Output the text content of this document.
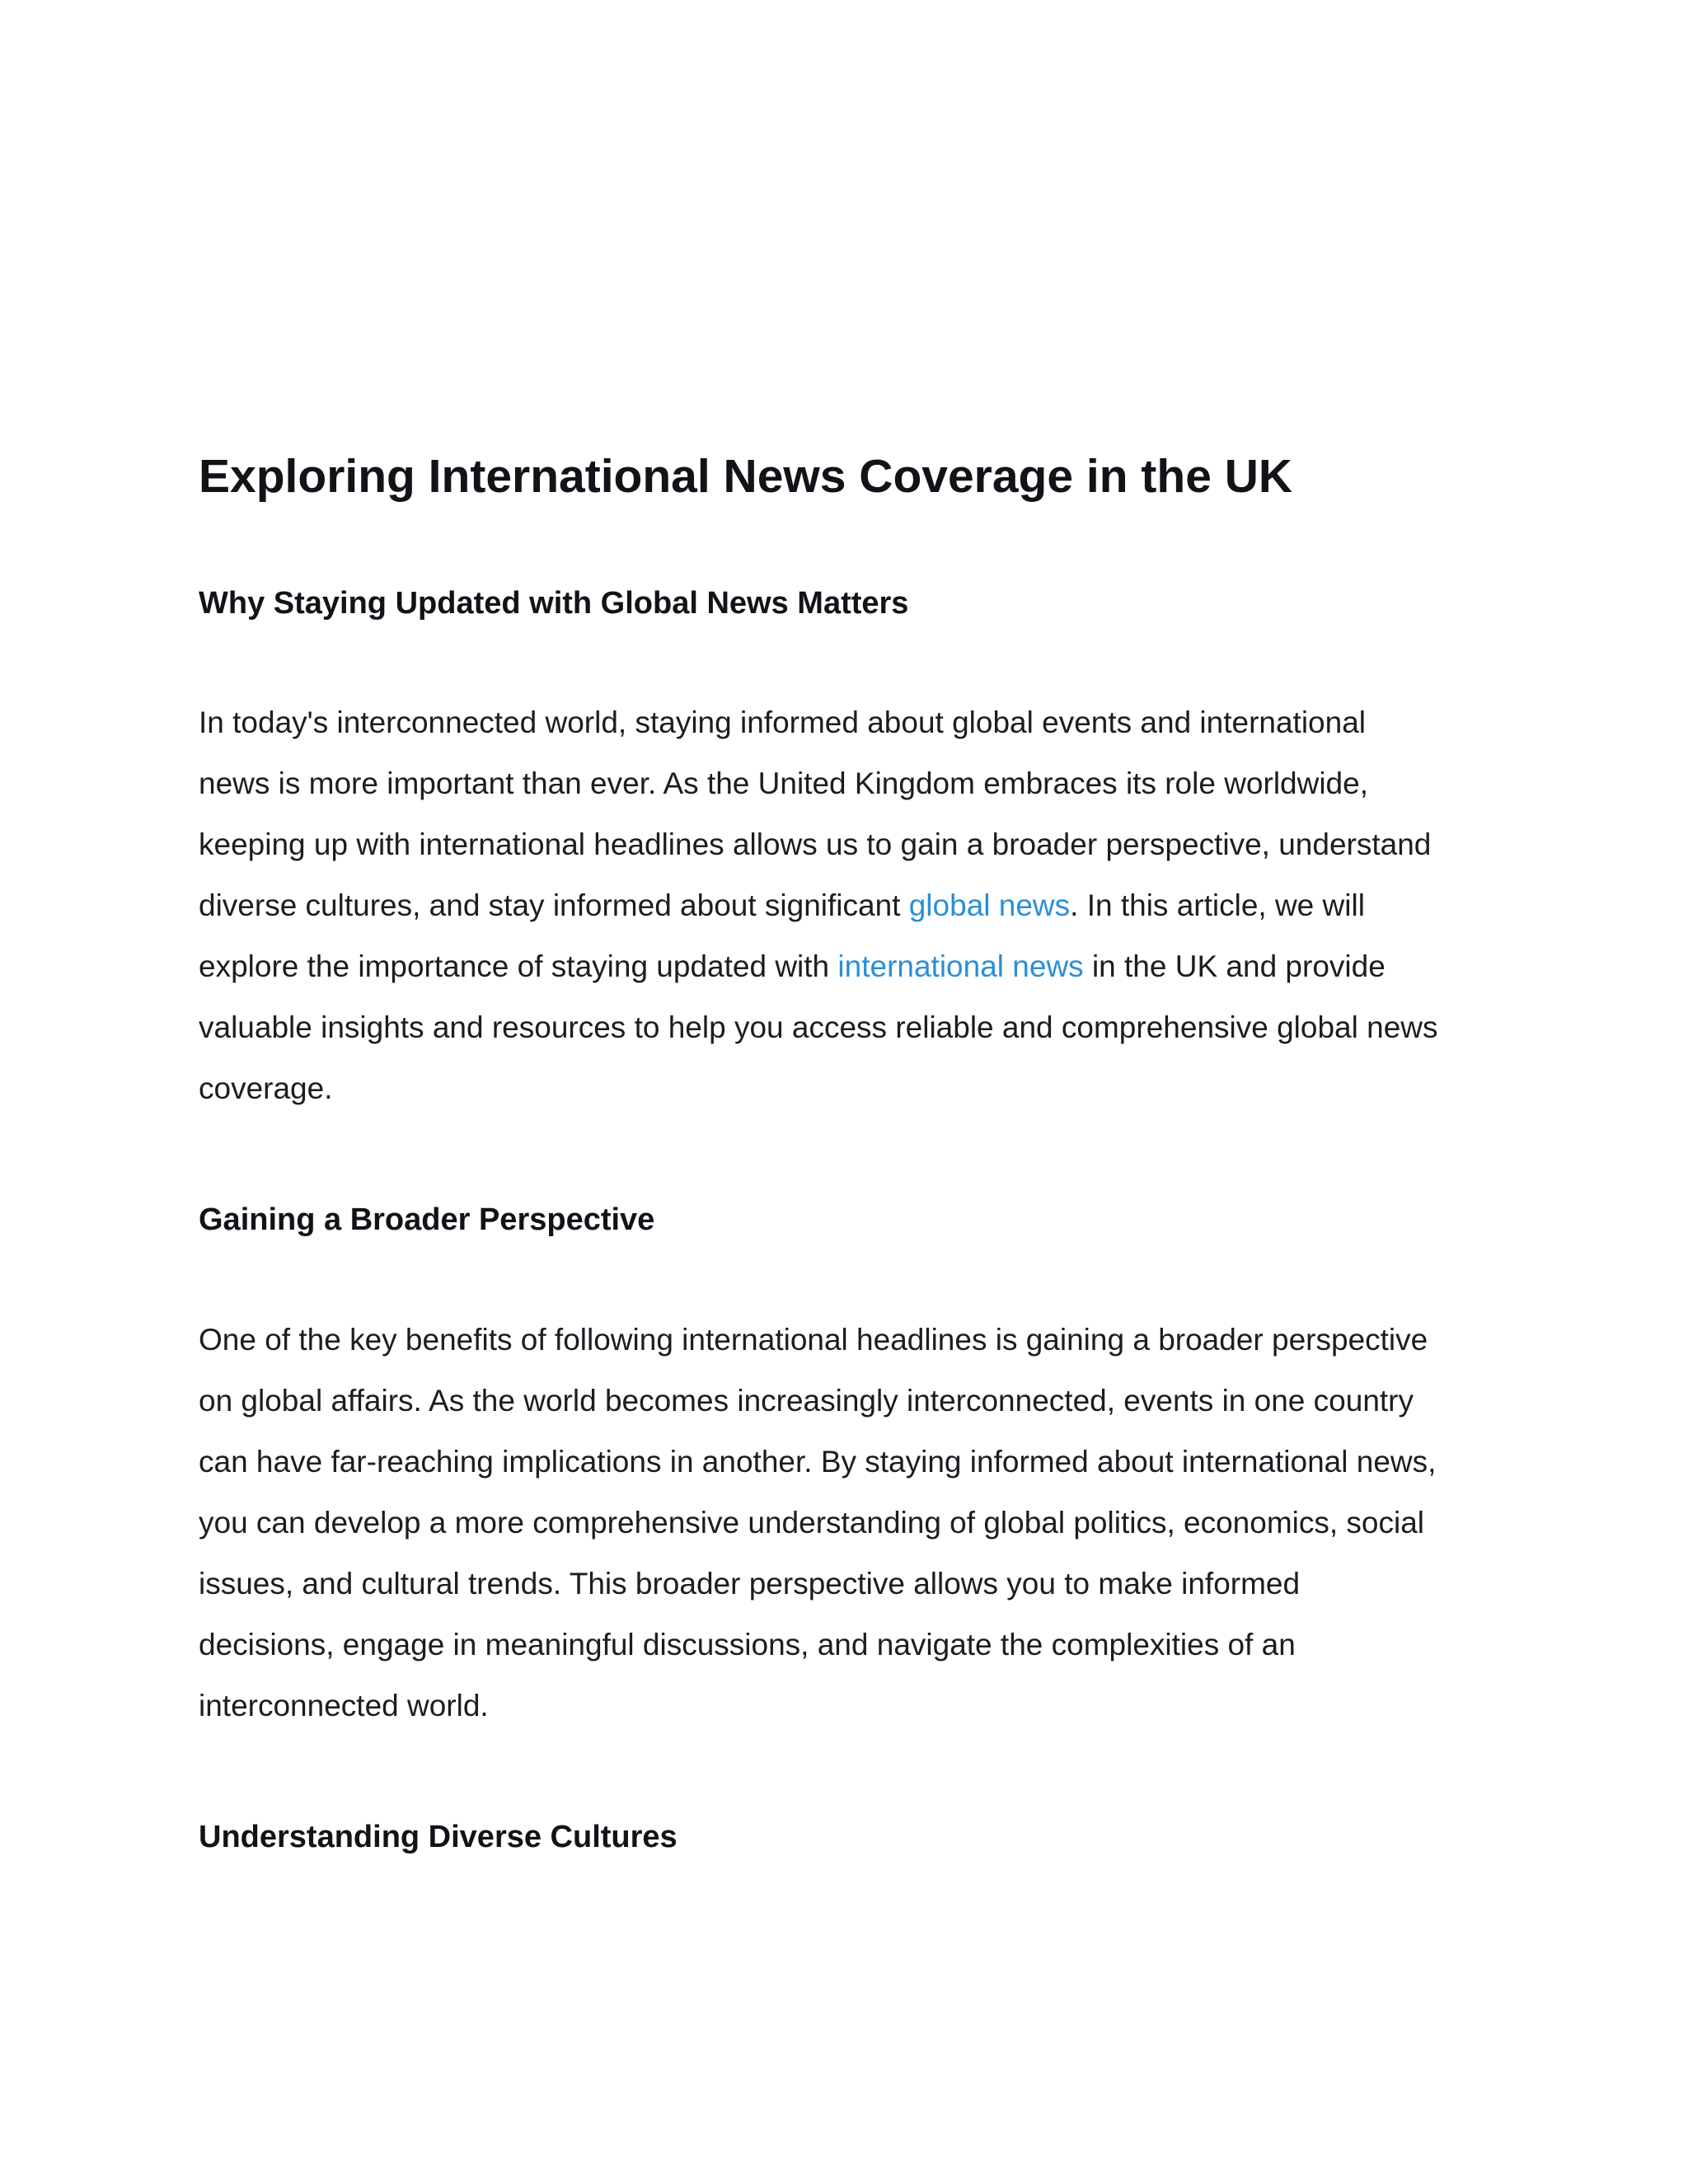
Exploring International News Coverage in the UK
Why Staying Updated with Global News Matters

In today's interconnected world, staying informed about global events and international
news is more important than ever. As the United Kingdom embraces its role worldwide,
keeping up with international headlines allows us to gain a broader perspective, understand
diverse cultures, and stay informed about significant global news. In this article, we will
explore the importance of staying updated with international news in the UK and provide
valuable insights and resources to help you access reliable and comprehensive global news
coverage.

Gaining a Broader Perspective

One of the key benefits of following international headlines is gaining a broader perspective
on global affairs. As the world becomes increasingly interconnected, events in one country
can have far-reaching implications in another. By staying informed about international news,
you can develop a more comprehensive understanding of global politics, economics, social
issues, and cultural trends. This broader perspective allows you to make informed
decisions, engage in meaningful discussions, and navigate the complexities of an
interconnected world.

Understanding Diverse Cultures
